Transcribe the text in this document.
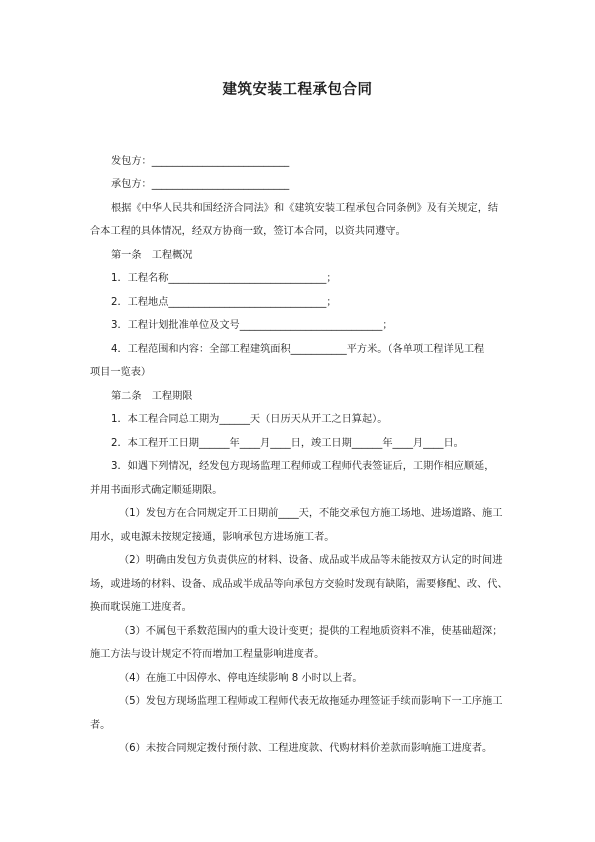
建筑安装工程承包合同
发包方：___________________________
承包方：___________________________
根据《中华人民共和国经济合同法》和《建筑安装工程承包合同条例》及有关规定，结
合本工程的具体情况，经双方协商一致，签订本合同，以资共同遵守。
第一条　工程概况
1．工程名称_______________________________；
2．工程地点_______________________________；
3．工程计划批准单位及文号____________________________；
4．工程范围和内容：全部工程建筑面积___________平方米。（各单项工程详见工程
项目一览表）
第二条　工程期限
1．本工程合同总工期为______天（日历天从开工之日算起）。
2．本工程开工日期______年____月____日，竣工日期______年____月____日。
3．如遇下列情况，经发包方现场监理工程师或工程师代表签证后，工期作相应顺延，
并用书面形式确定顺延期限。
（1）发包方在合同规定开工日期前____天，不能交承包方施工场地、进场道路、施工
用水，或电源未按规定接通，影响承包方进场施工者。
（2）明确由发包方负责供应的材料、设备、成品或半成品等未能按双方认定的时间进
场，或进场的材料、设备、成品或半成品等向承包方交验时发现有缺陷，需要修配、改、代、
换而耽误施工进度者。
（3）不属包干系数范围内的重大设计变更；提供的工程地质资料不准，使基础超深；
施工方法与设计规定不符而增加工程量影响进度者。
（4）在施工中因停水、停电连续影响 8 小时以上者。
（5）发包方现场监理工程师或工程师代表无故拖延办理签证手续而影响下一工序施工
者。
（6）未按合同规定拨付预付款、工程进度款、代购材料价差款而影响施工进度者。
